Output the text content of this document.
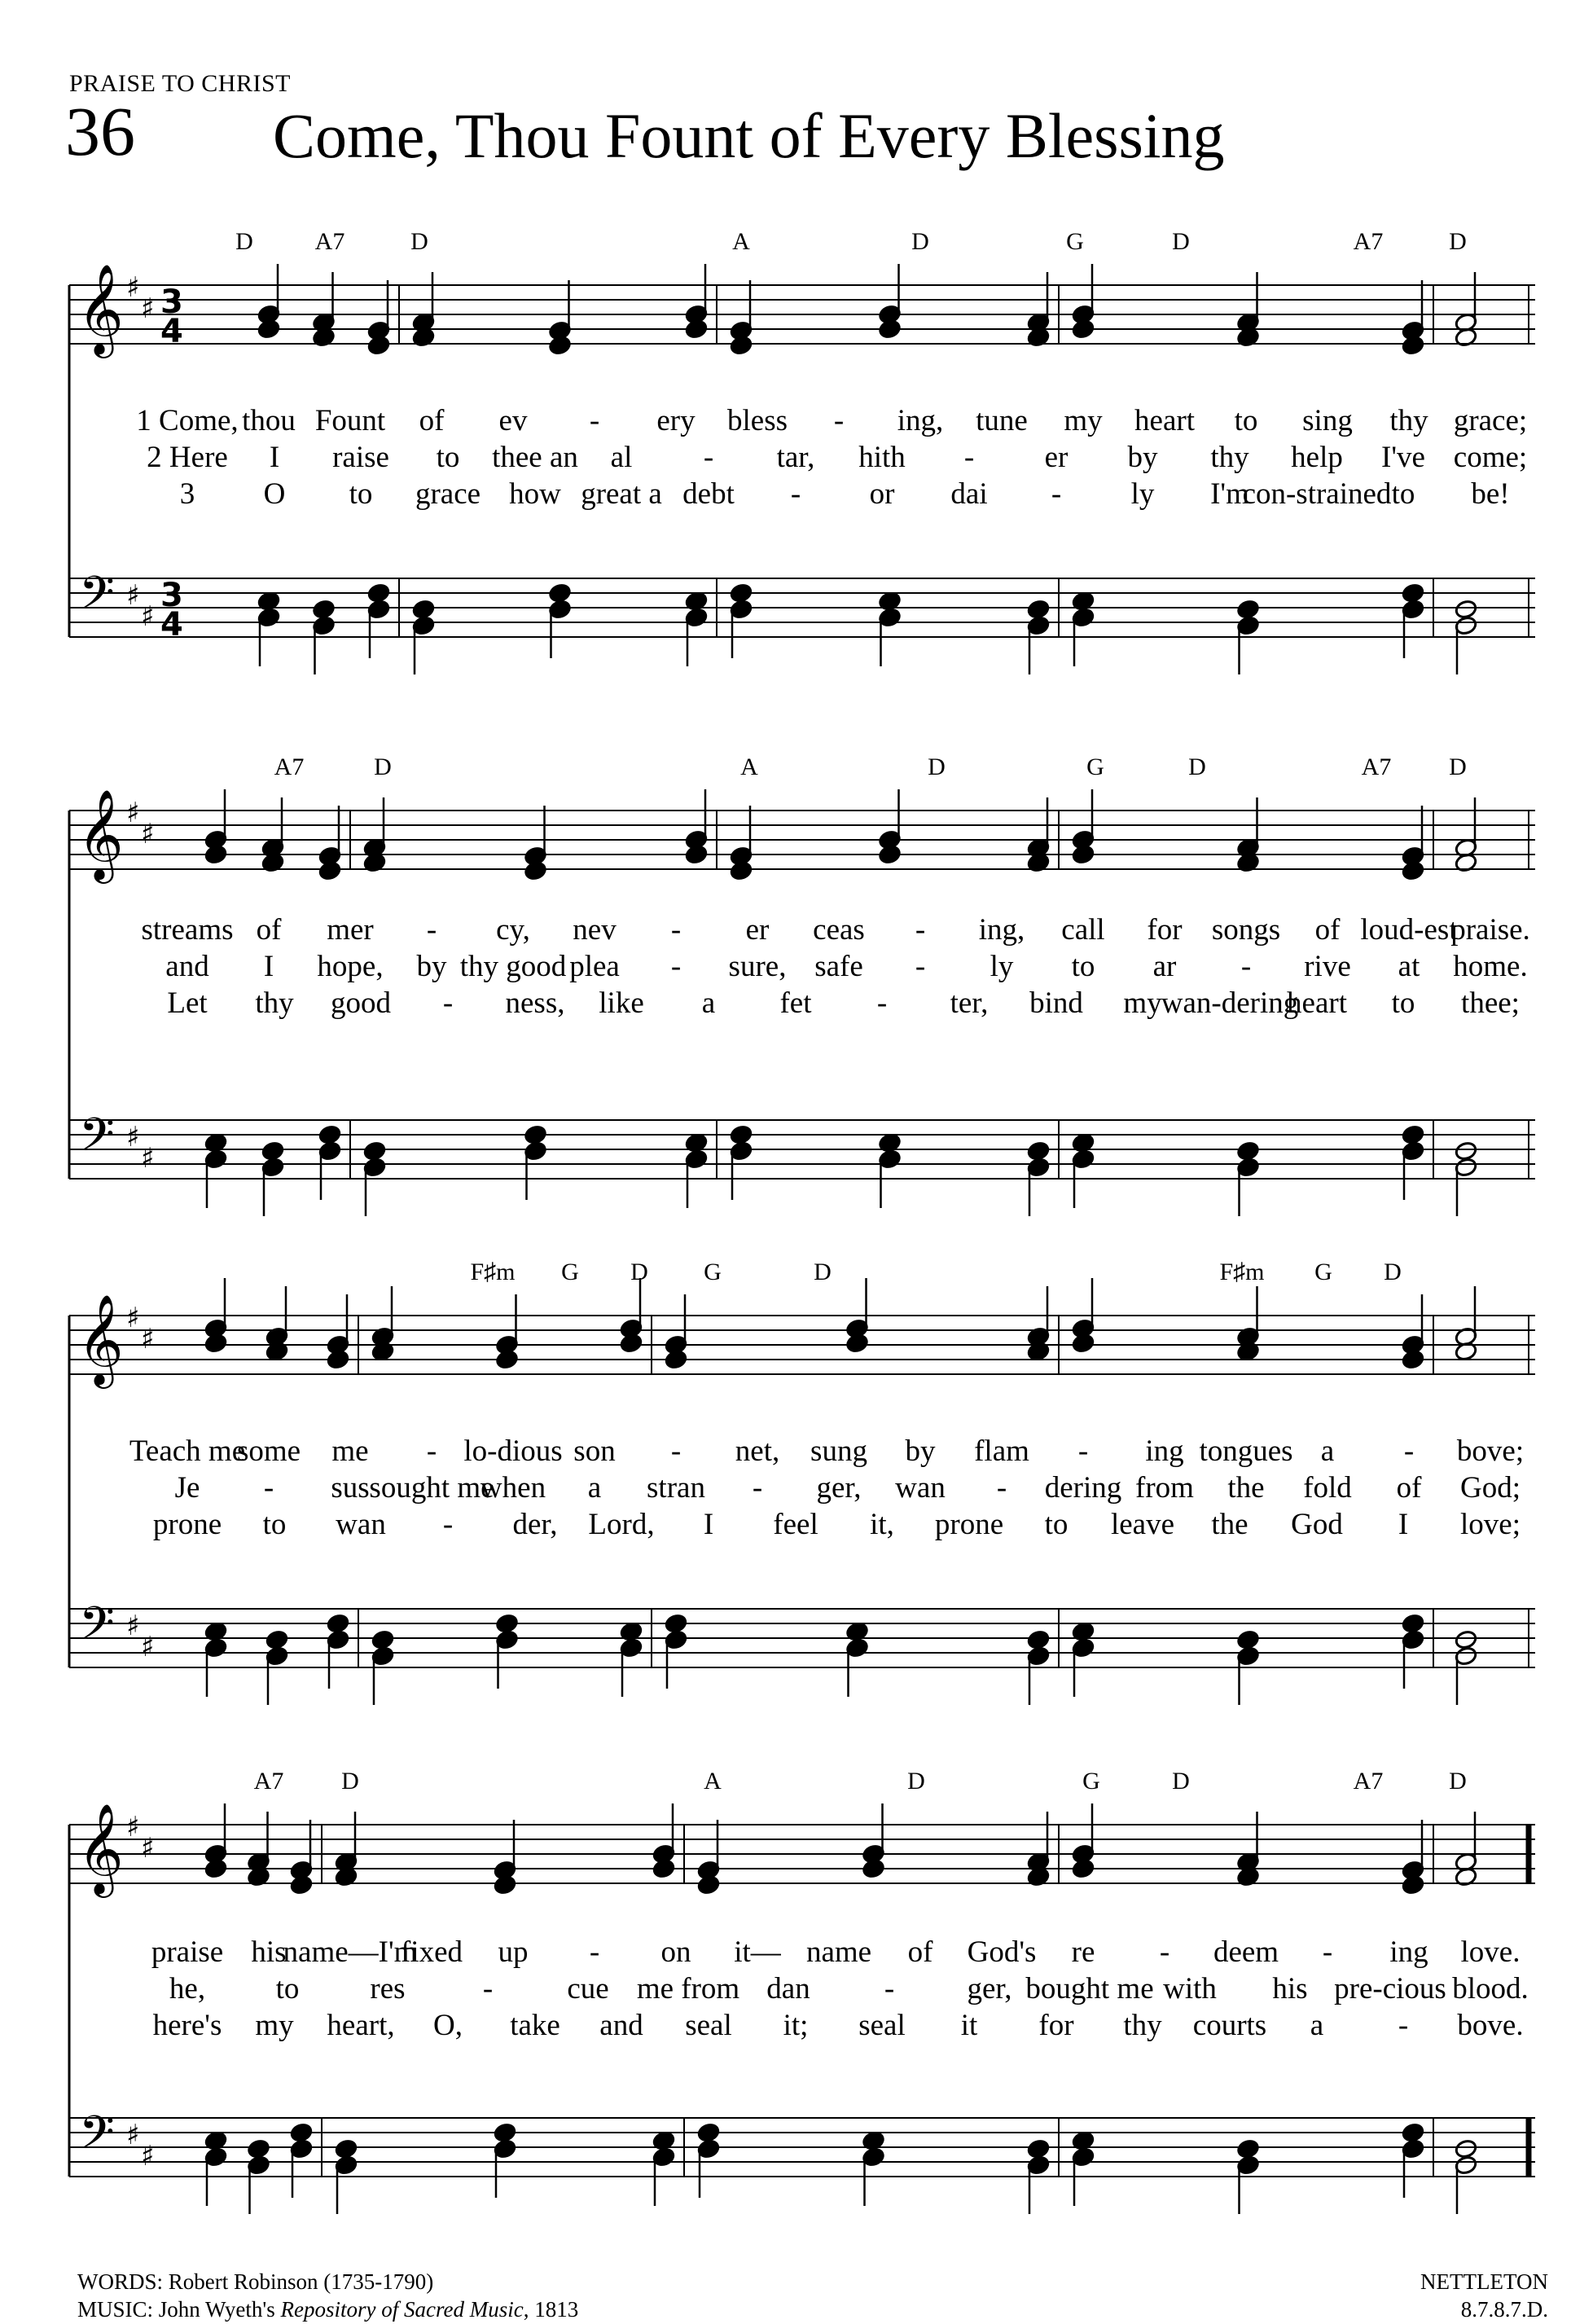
PRAISE TO CHRIST
36 Come, Thou Fount of Every Blessing
𝄞
𝄢
♯
♯
♯
♯
3
4
3
4
D	A7	D	A	D	G	D	A7	D
1 Come, thou Fount of ev - ery bless - ing, tune my heart to sing thy grace;
2 Here I raise to thee an al - tar, hith - er by thy help I've come;
3 O to grace how great a debt - or dai - ly I'm
con-strained to be!
𝄞
𝄢
♯
♯
♯
♯
A7	D	A	D	G	D	A7 D
streams of mer - cy, nev - er ceas - ing, call for songs of loud-est
praise.
and I hope, by thy good plea - sure, safe - ly to ar - rive at home.
Let thy good - ness, like a fet - ter, bind my wan-dering
heart to thee;
𝄞
𝄢
♯
♯
♯
♯
F♯m G D G	D	F♯m G D
Teach me
some me - lo-dious son - net, sung by flam - ing tongues a - bove;
Je - sus sought me
when a stran - ger, wan - dering from the fold of God;
prone to wan - der, Lord, I feel it, prone to leave the God I love;
𝄞
𝄢
♯
♯
♯
♯
A7 D	A	D	G	D	A7	D
praise his
name—I'm
fixed up - on it— name of God's re - deem - ing love.
he, to res	- cue me from dan - ger, bought me with his pre-cious blood.
here's my heart, O, take and seal it; seal it for thy courts a - bove.
WORDS: Robert Robinson (1735-1790)
MUSIC: John Wyeth's Repository of Sacred Music, 1813
NETTLETON
8.7.8.7.D.
